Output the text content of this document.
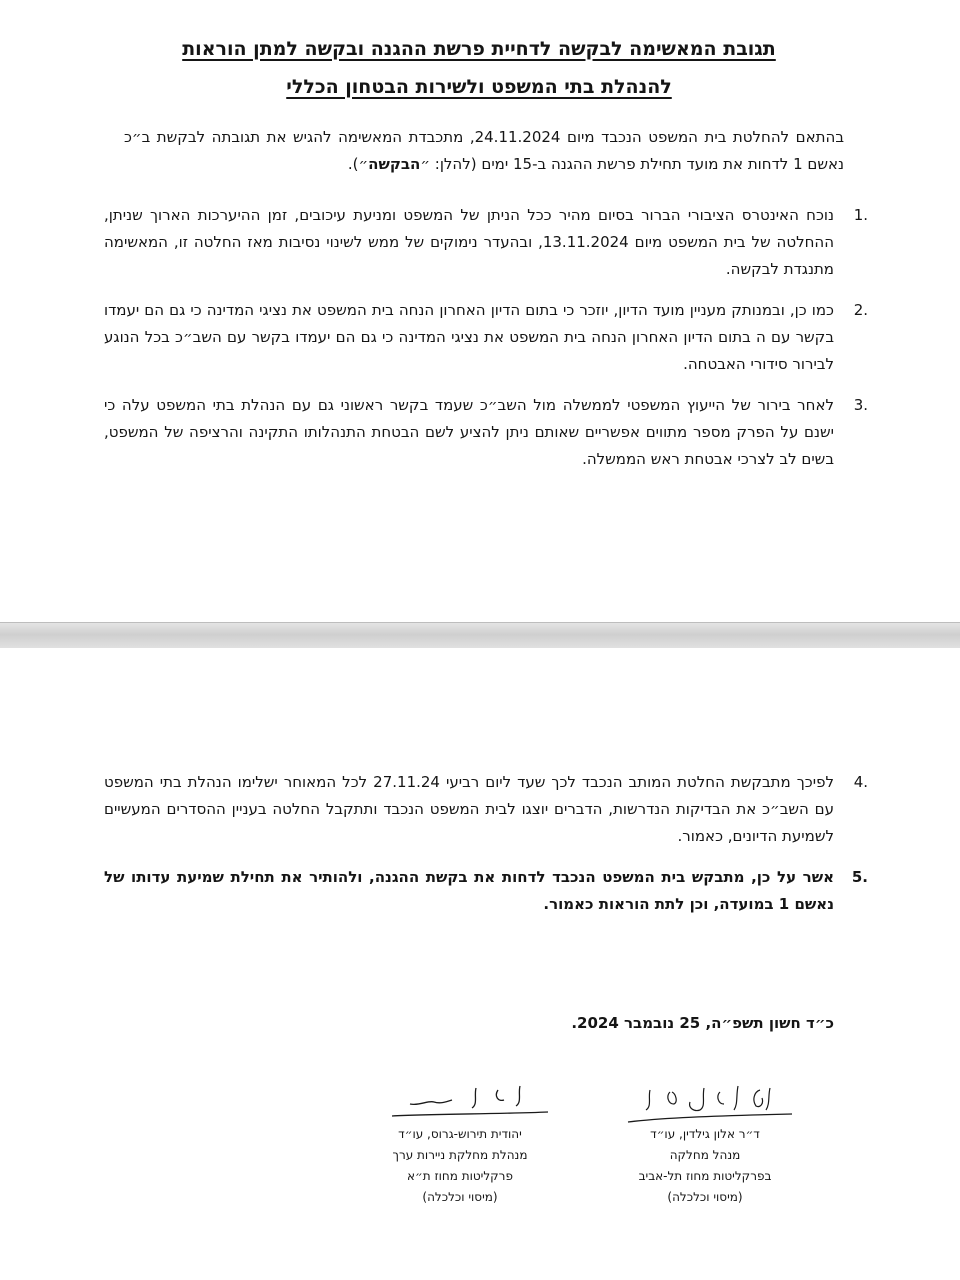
תגובת המאשימה לבקשה לדחיית פרשת ההגנה ובקשה למתן הוראות
להנהלת בתי המשפט ולשירות הבטחון הכללי
בהתאם להחלטת בית המשפט הנכבד מיום 24.11.2024, מתכבדת המאשימה להגיש את תגובתה לבקשת ב״כ נאשם 1 לדחות את מועד תחילת פרשת ההגנה ב-15 ימים (להלן: ״הבקשה״).
1.
נוכח האינטרס הציבורי הברור בסיום מהיר ככל הניתן של המשפט ומניעת עיכובים, זמן ההיערכות הארוך שניתן, ההחלטה של בית המשפט מיום 13.11.2024, ובהעדר נימוקים של ממש לשינוי נסיבות מאז החלטה זו, המאשימה מתנגדת לבקשה.
2.
כמו כן, ובמנותק מעניין מועד הדיון, יוזכר כי בתום הדיון האחרון הנחה בית המשפט את נציגי המדינה כי גם הם יעמדו בקשר עם ה בתום הדיון האחרון הנחה בית המשפט את נציגי המדינה כי גם הם יעמדו בקשר עם השב״כ בכל הנוגע לבירור סידורי האבטחה.
3.
לאחר בירור של הייעוץ המשפטי לממשלה מול השב״כ שעמד בקשר ראשוני גם עם הנהלת בתי המשפט עלה כי ישנם על הפרק מספר מתווים אפשריים שאותם ניתן להציע לשם הבטחת התנהלותו התקינה והרציפה של המשפט, בשים לב לצרכי אבטחת ראש הממשלה.
4.
לפיכך מתבקשת החלטת המותב הנכבד לכך שעד ליום רביעי 27.11.24 לכל המאוחר ישלימו הנהלת בתי המשפט עם השב״כ את הבדיקות הנדרשות, הדברים יוצגו לבית המשפט הנכבד ותתקבל החלטה בעניין ההסדרים המעשיים לשמיעת הדיונים, כאמור.
5.
אשר על כן, מתבקש בית המשפט הנכבד לדחות את בקשת ההגנה, ולהותיר את תחילת שמיעת עדותו של נאשם 1 במועדה, וכן לתת הוראות כאמור.
כ״ד חשון תשפ״ה, 25 נובמבר 2024.
ד״ר אלון גילדין, עו״ד
מנהל מחלקה
בפרקליטות מחוז תל-אביב
(מיסוי וכלכלה)
יהודית תירוש-גרוס, עו״ד
מנהלת מחלקת ניירות ערך
פרקליטות מחוז ת״א
(מיסוי וכלכלה)
